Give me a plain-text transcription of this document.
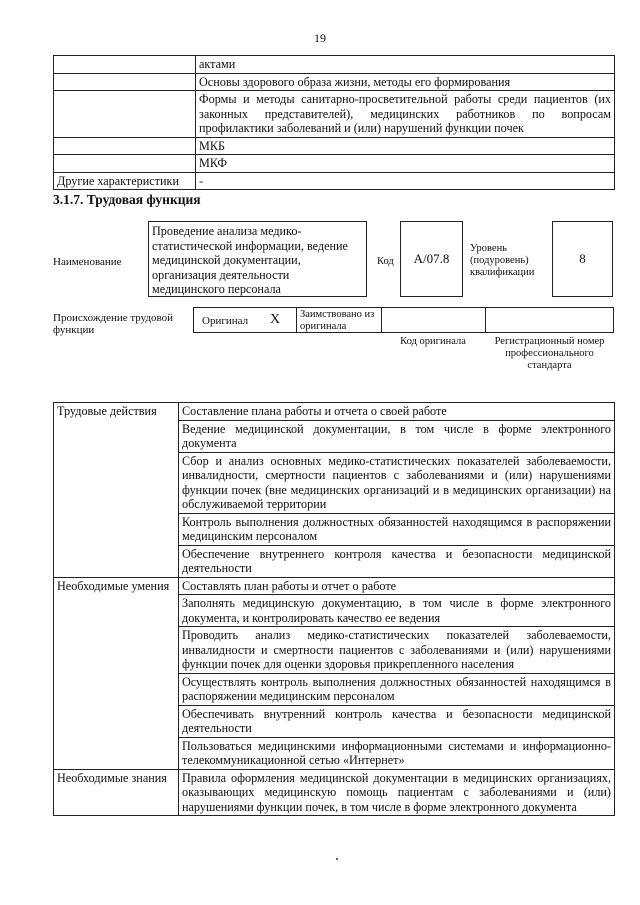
19
	актами
	Основы здорового образа жизни, методы его формирования
	Формы и методы санитарно-просветительной работы среди пациентов (их законных представителей), медицинских работников по вопросам профилактики заболеваний и (или) нарушений функции почек
	МКБ
	МКФ
Другие характеристики	-
3.1.7. Трудовая функция
Наименование
Проведение анализа медико-статистической информации, ведение медицинской документации, организация деятельности медицинского персонала
Код А/07.8
Уровень (подуровень) квалификации
8
Происхождение трудовой функции
Оригинал X Заимствовано из оригинала
Код оригинала	Регистрационный номер профессионального стандарта
Трудовые действия	Составление плана работы и отчета о своей работе
	Ведение медицинской документации, в том числе в форме электронного документа
	Сбор и анализ основных медико-статистических показателей заболеваемости, инвалидности, смертности пациентов с заболеваниями и (или) нарушениями функции почек (вне медицинских организаций и в медицинских организации) на обслуживаемой территории
	Контроль выполнения должностных обязанностей находящимся в распоряжении медицинским персоналом
	Обеспечение внутреннего контроля качества и безопасности медицинской деятельности
Необходимые умения	Составлять план работы и отчет о работе
	Заполнять медицинскую документацию, в том числе в форме электронного документа, и контролировать качество ее ведения
	Проводить анализ медико-статистических показателей заболеваемости, инвалидности и смертности пациентов с заболеваниями и (или) нарушениями функции почек для оценки здоровья прикрепленного населения
	Осуществлять контроль выполнения должностных обязанностей находящимся в распоряжении медицинским персоналом
	Обеспечивать внутренний контроль качества и безопасности медицинской деятельности
	Пользоваться медицинскими информационными системами и информационно-телекоммуникационной сетью «Интернет»
Необходимые знания	Правила оформления медицинской документации в медицинских организациях, оказывающих медицинскую помощь пациентам с заболеваниями и (или) нарушениями функции почек, в том числе в форме электронного документа
